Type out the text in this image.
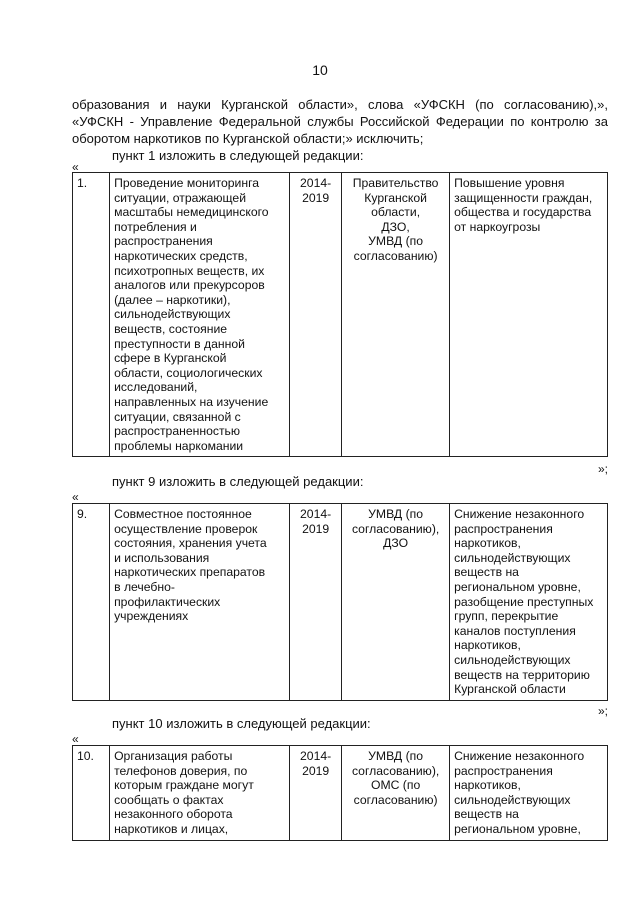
10

образования и науки Курганской области», слова «УФСКН (по согласованию),», «УФСКН - Управление Федеральной службы Российской Федерации по контролю за оборотом наркотиков по Курганской области;» исключить;

пункт 1 изложить в следующей редакции:

«
1.	Проведение мониторинга
ситуации, отражающей
масштабы немедицинского
потребления и
распространения
наркотических средств,
психотропных веществ, их
аналогов или прекурсоров
(далее – наркотики),
сильнодействующих
веществ, состояние
преступности в данной
сфере в Курганской
области, социологических
исследований,
направленных на изучение
ситуации, связанной с
распространенностью
проблемы наркомании	2014-
2019	Правительство
Курганской
области,
ДЗО,
УМВД (по
согласованию)	Повышение уровня
защищенности граждан,
общества и государства
от наркоугрозы
»;
пункт 9 изложить в следующей редакции:
«
9.	Совместное постоянное
осуществление проверок
состояния, хранения учета
и использования
наркотических препаратов
в лечебно-
профилактических
учреждениях	2014-
2019	УМВД (по
согласованию),
ДЗО	Снижение незаконного
распространения
наркотиков,
сильнодействующих
веществ на
региональном уровне,
разобщение преступных
групп, перекрытие
каналов поступления
наркотиков,
сильнодействующих
веществ на территорию
Курганской области
»;
пункт 10 изложить в следующей редакции:
«
10.	Организация работы
телефонов доверия, по
которым граждане могут
сообщать о фактах
незаконного оборота
наркотиков и лицах,	2014-
2019	УМВД (по
согласованию),
ОМС (по
согласованию)	Снижение незаконного
распространения
наркотиков,
сильнодействующих
веществ на
региональном уровне,
